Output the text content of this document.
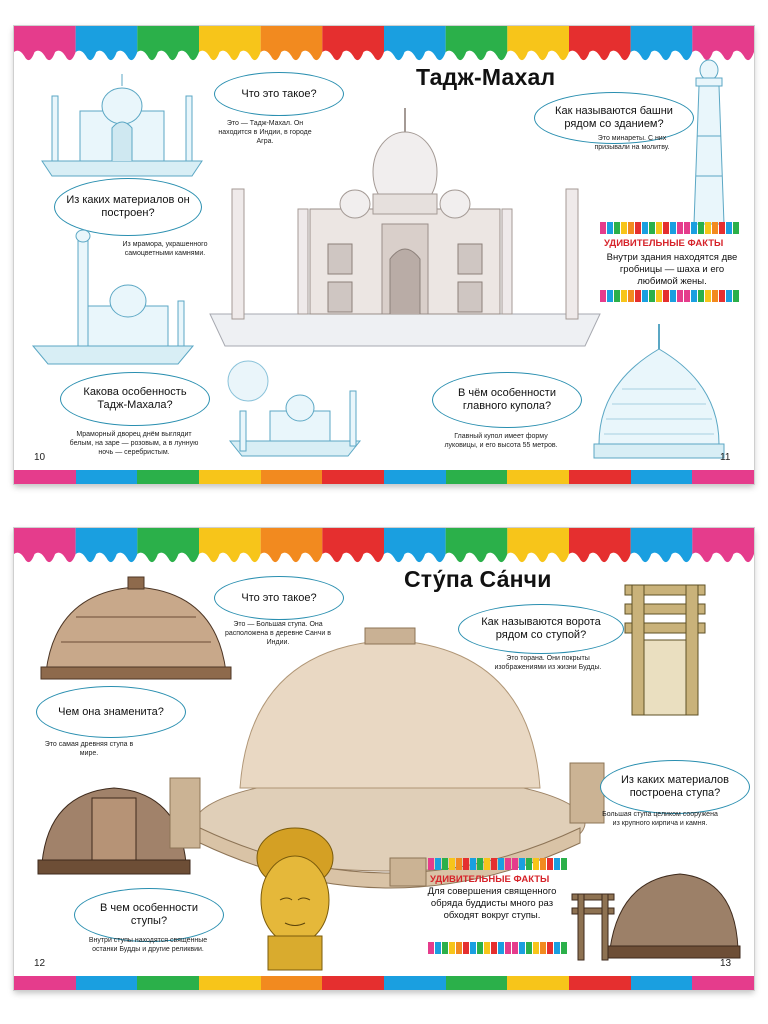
Тадж-Махал
Что это такое?
Это — Тадж-Махал. Он находится в Индии, в городе Агра.
Из каких материалов он построен?
Из мрамора, украшенного самоцветными камнями.
Какова особенность Тадж-Махала?
Мраморный дворец днём выглядит белым, на заре — розовым, а в лунную ночь — серебристым.
В чём особенности главного купола?
Главный купол имеет форму луковицы, и его высота 55 метров.
Как называются башни рядом со зданием?
Это минареты. С них призывали на молитву.
УДИВИТЕЛЬНЫЕ ФАКТЫ
Внутри здания находятся две гробницы — шаха и его любимой жены.
10	11
Сту́па Са́нчи
Что это такое?
Это — Большая ступа. Она расположена в деревне Санчи в Индии.
Чем она знаменита?
Это самая древняя ступа в мире.
В чем особенности ступы?
Внутри ступы находятся священные останки Будды и другие реликвии.
Как называются ворота рядом со ступой?
Это торана. Они покрыты изображениями из жизни Будды.
Из каких материалов построена ступа?
Большая ступа целиком сооружена из крупного кирпича и камня.
УДИВИТЕЛЬНЫЕ ФАКТЫ
Для совершения священного обряда буддисты много раз обходят вокруг ступы.
12	13
